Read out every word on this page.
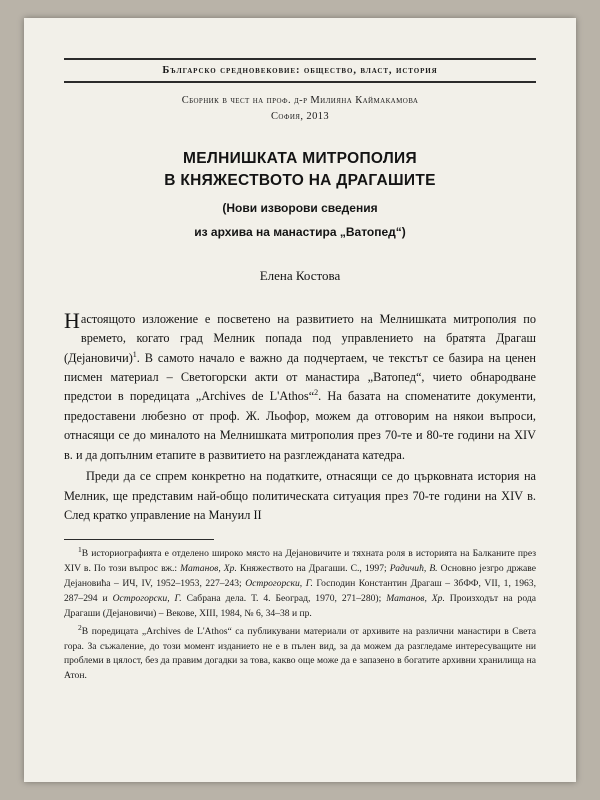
Българско средновековие: общество, власт, история
Сборник в чест на проф. д-р Милияна Каймакамова
София, 2013
МЕЛНИШКАТА МИТРОПОЛИЯ
В КНЯЖЕСТВОТО НА ДРАГАШИТЕ
(Нови изворови сведения
из архива на манастира „Ватопед“)
Елена Костова

Настоящото изложение е посветено на развитието на Мелнишката митрополия по времето, когато град Мелник попада под управлението на братята Драгаш (Дejaновичи)$^1$. В самото начало е важно да подчертаем, че текстът се базира на ценен писмен материал – Светогорски акти от манастира „Ватопед“, чието обнародване предстои в поредицата „Archives de L'Athos“$^2$. На базата на споменатите документи, предоставени любезно от проф. Ж. Льофор, можем да отговорим на някои въпроси, отнасящи се до миналото на Мелнишката митрополия през 70-те и 80-те години на XIV в. и да допълним етапите в развитието на разглежданата катедра.

Преди да се спрем конкретно на податките, отнасящи се до църковната история на Мелник, ще представим най-общо политическата ситуация през 70-те години на XIV в. След кратко управление на Мануил II

$^1$В историографията е отделено широко място на Дejaновичите и тяхната роля в историята на Балканите през XIV в. По този въпрос вж.: Матанов, Хр. Княжеството на Драгаши. С., 1997; Радичић, В. Основно језгро државе Дејановића – ИЧ, IV, 1952–1953, 227–243; Острогорски, Г. Господин Константин Драгаш – ЗбФФ, VII, 1, 1963, 287–294 и Острогорски, Г. Сабрана дела. Т. 4. Београд, 1970, 271–280); Матанов, Хр. Произходът на рода Драгаши (Дejaновичи) – Векове, XIII, 1984, № 6, 34–38 и пр.

$^2$В поредицата „Archives de L'Athos“ са публикувани материали от архивите на различни манастири в Света гора. За съжаление, до този момент изданието не е в пълен вид, за да можем да разгледаме интересуващите ни проблеми в цялост, без да правим догадки за това, какво още може да е запазено в богатите архивни хранилища на Атон.
